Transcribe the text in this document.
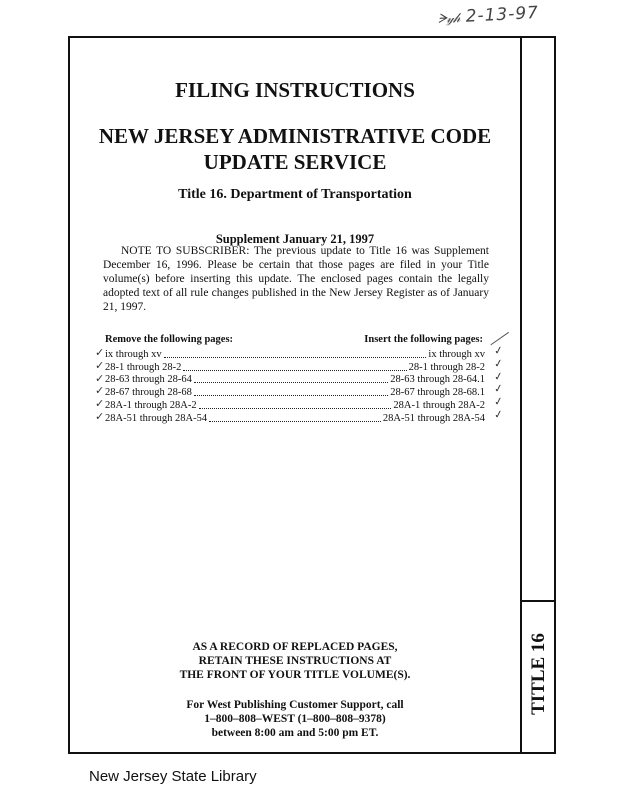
ᗒ𝓎𝒽 2-13-97
TITLE 16
FILING INSTRUCTIONS
NEW JERSEY ADMINISTRATIVE CODE
UPDATE SERVICE
Title 16. Department of Transportation
Supplement January 21, 1997

NOTE TO SUBSCRIBER: The previous update to Title 16 was Supplement December 16, 1996. Please be certain that those pages are filed in your Title volume(s) before inserting this update. The enclosed pages contain the legally adopted text of all rule changes published in the New Jersey Register as of January 21, 1997.

Remove the following pages:	Insert the following pages:
✓ ix through xv	ix through xv ✓
✓ 28-1 through 28-2	28-1 through 28-2 ✓
✓ 28-63 through 28-64	28-63 through 28-64.1 ✓
✓ 28-67 through 28-68	28-67 through 28-68.1 ✓
✓ 28A-1 through 28A-2	28A-1 through 28A-2 ✓
✓ 28A-51 through 28A-54	28A-51 through 28A-54 ✓
AS A RECORD OF REPLACED PAGES,
RETAIN THESE INSTRUCTIONS AT
THE FRONT OF YOUR TITLE VOLUME(S).
For West Publishing Customer Support, call
1–800–808–WEST (1–800–808–9378)
between 8:00 am and 5:00 pm ET.
New Jersey State Library
